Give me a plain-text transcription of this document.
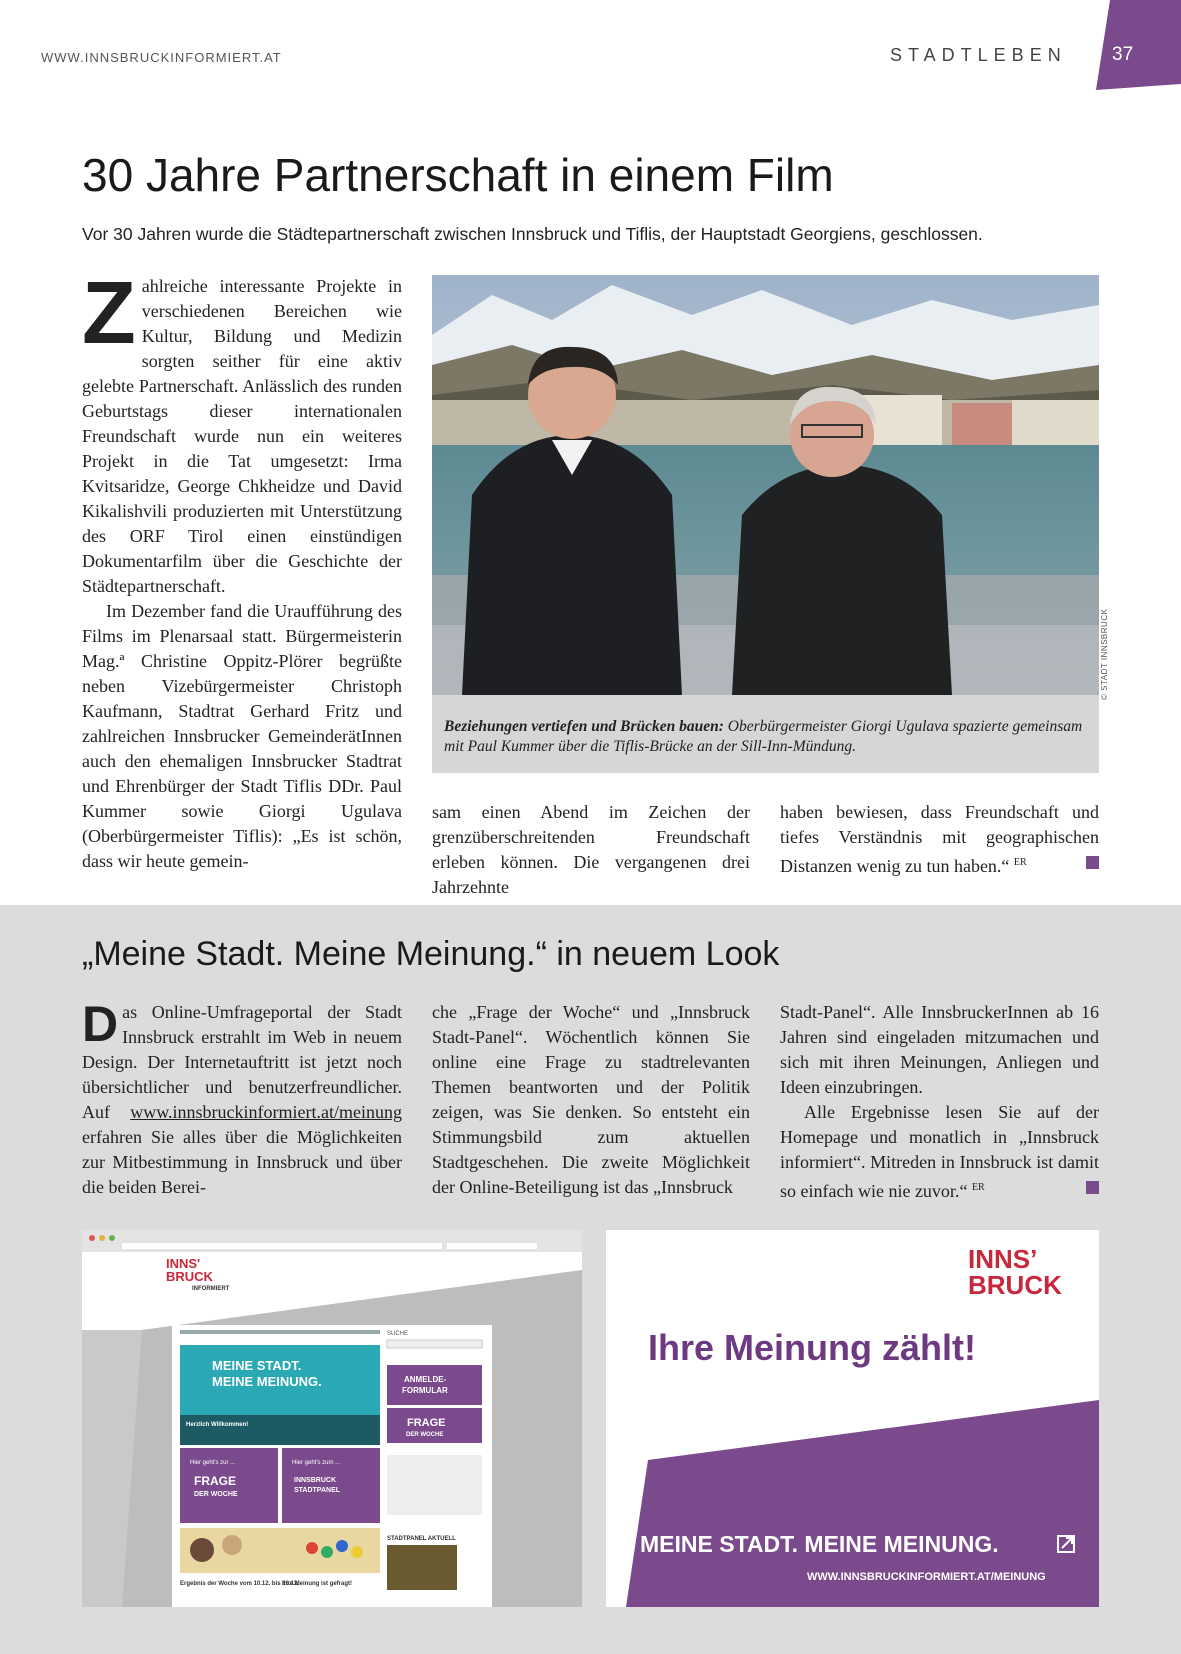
WWW.INNSBRUCKINFORMIERT.AT	STADTLEBEN 37
30 Jahre Partnerschaft in einem Film
Vor 30 Jahren wurde die Städtepartnerschaft zwischen Innsbruck und Tiflis, der Hauptstadt Georgiens, geschlossen.
Zahlreiche interessante Projekte in verschiedenen Bereichen wie Kultur, Bildung und Medizin sorgten seither für eine aktiv gelebte Partnerschaft. Anlässlich des runden Geburtstags dieser internationalen Freundschaft wurde nun ein weiteres Projekt in die Tat umgesetzt: Irma Kvitsaridze, George Chkheidze und David Kikalishvili produzierten mit Unterstützung des ORF Tirol einen einstündigen Dokumentarfilm über die Geschichte der Städtepartnerschaft.
Im Dezember fand die Uraufführung des Films im Plenarsaal statt. Bürgermeisterin Mag.ª Christine Oppitz-Plörer begrüßte neben Vizebürgermeister Christoph Kaufmann, Stadtrat Gerhard Fritz und zahlreichen Innsbrucker GemeinderätInnen auch den ehemaligen Innsbrucker Stadtrat und Ehrenbürger der Stadt Tiflis DDr. Paul Kummer sowie Giorgi Ugulava (Oberbürgermeister Tiflis): „Es ist schön, dass wir heute gemein-
© STADT INNSBRUCK
Beziehungen vertiefen und Brücken bauen: Oberbürgermeister Giorgi Ugulava spazierte gemeinsam mit Paul Kummer über die Tiflis-Brücke an der Sill-Inn-Mündung.
sam einen Abend im Zeichen der grenzüberschreitenden Freundschaft erleben können. Die vergangenen drei Jahrzehnte
haben bewiesen, dass Freundschaft und tiefes Verständnis mit geographischen Distanzen wenig zu tun haben.“ $^{ER}$
„Meine Stadt. Meine Meinung.“ in neuem Look
Das Online-Umfrageportal der Stadt Innsbruck erstrahlt im Web in neuem Design. Der Internetauftritt ist jetzt noch übersichtlicher und benutzerfreundlicher. Auf www.innsbruckinformiert.at/meinung erfahren Sie alles über die Möglichkeiten zur Mitbestimmung in Innsbruck und über die beiden Berei-
che „Frage der Woche“ und „Innsbruck Stadt-Panel“. Wöchentlich können Sie online eine Frage zu stadtrelevanten Themen beantworten und der Politik zeigen, was Sie denken. So entsteht ein Stimmungsbild zum aktuellen Stadtgeschehen. Die zweite Möglichkeit der Online-Beteiligung ist das „Innsbruck
Stadt-Panel“. Alle InnsbruckerInnen ab 16 Jahren sind eingeladen mitzumachen und sich mit ihren Meinungen, Anliegen und Ideen einzubringen.
Alle Ergebnisse lesen Sie auf der Homepage und monatlich in „Innsbruck informiert“. Mitreden in Innsbruck ist damit so einfach wie nie zuvor.“ $^{ER}$
INNS'
BRUCK
INFORMIERT
MEINE STADT.
MEINE MEINUNG.
Herzlich Willkommen!
Hier geht's zur ...
FRAGE
DER WOCHE
Hier geht's zum ...
INNSBRUCK
STADTPANEL
Ergebnis der Woche vom 10.12. bis 16.12.
Ihre Meinung ist gefragt!
SUCHE
ANMELDE-
FORMULAR
FRAGE
DER WOCHE
STADTPANEL AKTUELL
INNS’
BRUCK
Ihre Meinung zählt!
MEINE STADT. MEINE MEINUNG.
WWW.INNSBRUCKINFORMIERT.AT/MEINUNG
